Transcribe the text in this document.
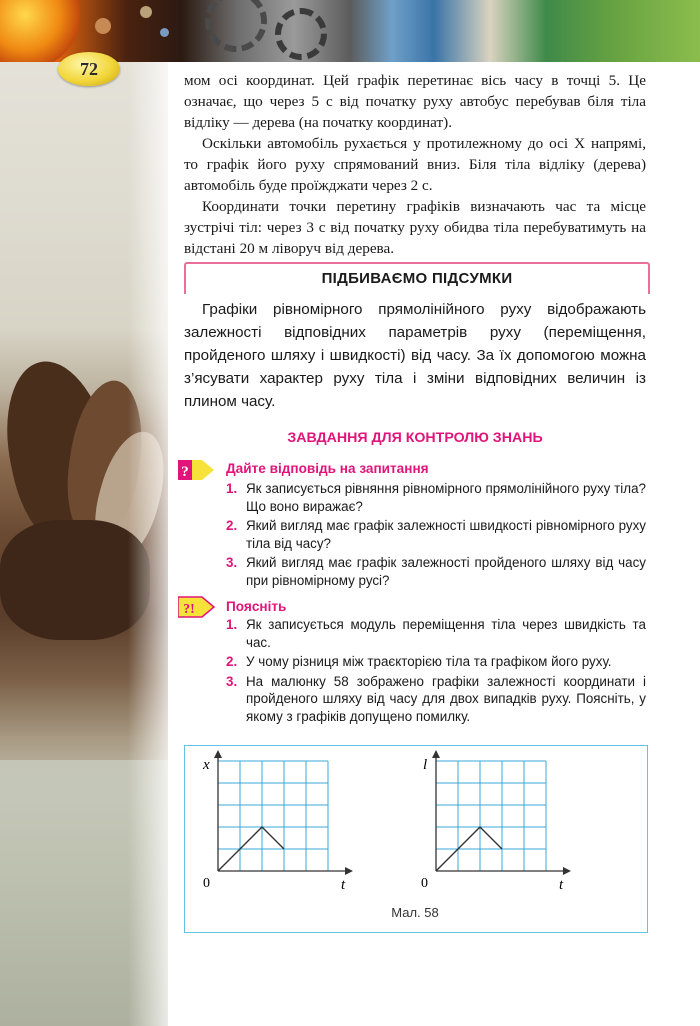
72

мом осі координат. Цей графік перетинає вісь часу в точці 5. Це означає, що через 5 с від початку руху автобус перебував біля тіла відліку — дерева (на початку координат).

Оскільки автомобіль рухається у протилежному до осі X напрямі, то графік його руху спрямований вниз. Біля тіла відліку (дерева) автомобіль буде проїжджати через 2 с.

Координати точки перетину графіків визначають час та місце зустрічі тіл: через 3 с від початку руху обидва тіла перебуватимуть на відстані 20 м ліворуч від дерева.

ПІДБИВАЄМО ПІДСУМКИ

Графіки рівномірного прямолінійного руху відображають залежності відповідних параметрів руху (переміщення, пройденого шляху і швидкості) від часу. За їх допомогою можна з’ясувати характер руху тіла і зміни відповідних величин із плином часу.

ЗАВДАННЯ ДЛЯ КОНТРОЛЮ ЗНАНЬ
?	Дайте відповідь на запитання
1. Як записується рівняння рівномірного прямолінійного руху тіла? Що воно виражає?
2. Який вигляд має графік залежності швидкості рівномірного руху тіла від часу?
3. Який вигляд має графік залежності пройденого шляху від часу при рівномірному русі?
?! Поясніть
1. Як записується модуль переміщення тіла через швидкість та час.
2. У чому різниця між траєкторією тіла та графіком його руху.
3. На малюнку 58 зображено графіки залежності координати і пройденого шляху від часу для двох випадків руху. Поясніть, у якому з графіків допущено помилку.
x
t
0
l
t
0
Мал. 58
